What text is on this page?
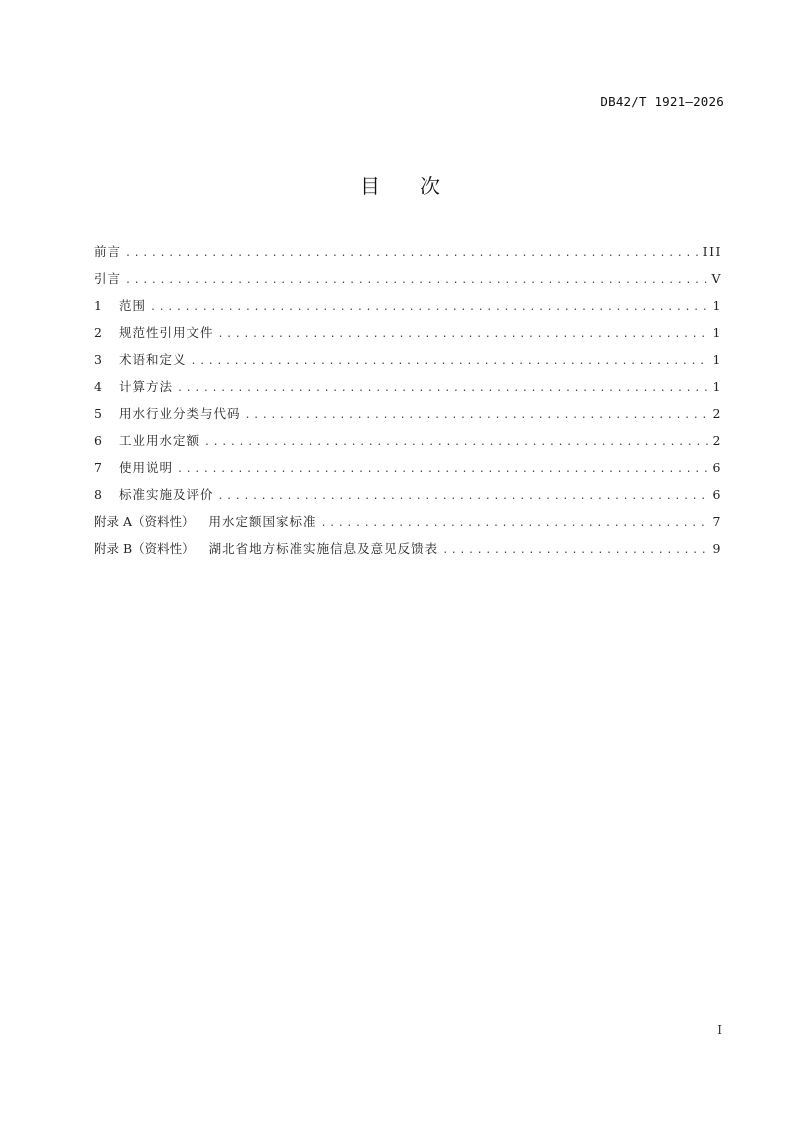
DB42/T 1921—2026
目 次
前言 .....	III
引言 .....	V
1	范围 .....	1
2	规范性引用文件 .....	1
3	术语和定义 .....	1
4	计算方法 .....	1
5	用水行业分类与代码 .....	2
6	工业用水定额 .....	2
7	使用说明 .....	6
8	标准实施及评价 .....	6
附录 A（资料性） 用水定额国家标准 .....	7
附录 B（资料性） 湖北省地方标准实施信息及意见反馈表 .....	9
I
